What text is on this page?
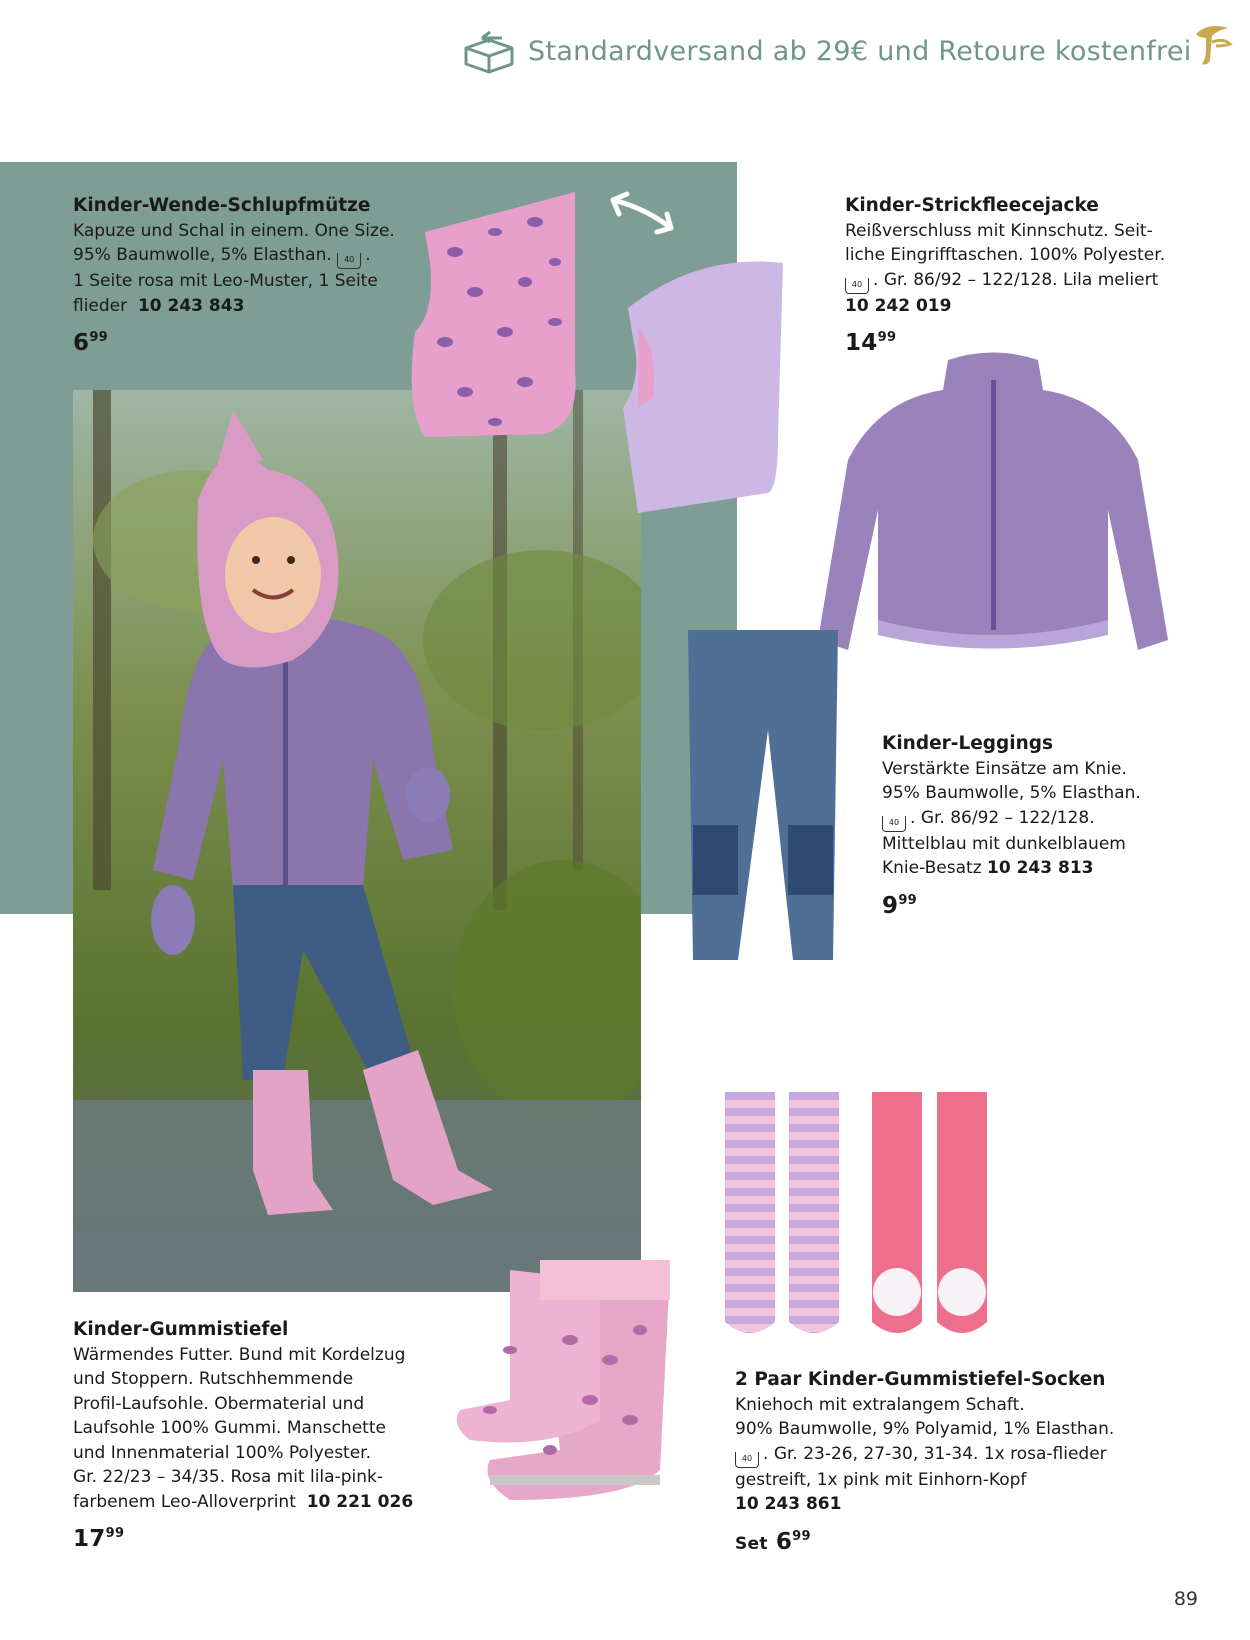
Standardversand ab 29€ und Retoure kostenfrei
Kinder-Wende-Schlupfmütze
Kapuze und Schal in einem. One Size.
95% Baumwolle, 5% Elasthan. 40 .
1 Seite rosa mit Leo-Muster, 1 Seite
flieder 10 243 843
$6^{99}$
Kinder-Strickfleecejacke
Reißverschluss mit Kinnschutz. Seit-
liche Eingrifftaschen. 100% Polyester.
40 . Gr. 86/92 – 122/128. Lila meliert
10 242 019
$14^{99}$
Kinder-Leggings
Verstärkte Einsätze am Knie.
95% Baumwolle, 5% Elasthan.
40 . Gr. 86/92 – 122/128.
Mittelblau mit dunkelblauem
Knie-Besatz 10 243 813
$9^{99}$
Kinder-Gummistiefel
Wärmendes Futter. Bund mit Kordelzug
und Stoppern. Rutschhemmende
Profil-Laufsohle. Obermaterial und
Laufsohle 100% Gummi. Manschette
und Innenmaterial 100% Polyester.
Gr. 22/23 – 34/35. Rosa mit lila-pink-
farbenem Leo-Alloverprint 10 221 026
$17^{99}$
2 Paar Kinder-Gummistiefel-Socken
Kniehoch mit extralangem Schaft.
90% Baumwolle, 9% Polyamid, 1% Elasthan.
40 . Gr. 23-26, 27-30, 31-34. 1x rosa-flieder
gestreift, 1x pink mit Einhorn-Kopf
10 243 861
Set $6^{99}$
89
